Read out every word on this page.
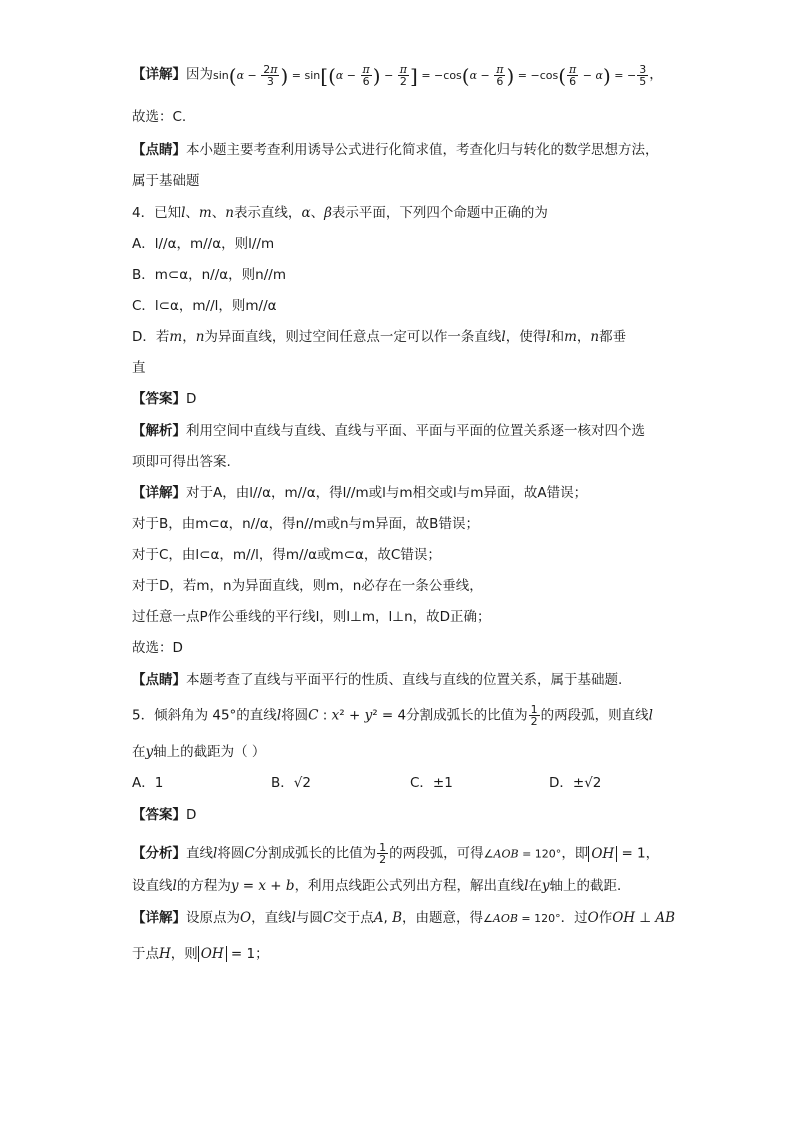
【详解】因为$\sin(\alpha - \frac{2\pi}{3}$ ) = $\sin[(\alpha - \frac{\pi}{6}$ ) − $\frac{\pi}{2}$ ] = $-\cos(\alpha - \frac{\pi}{6}$ ) = $-\cos( \frac{\pi}{6} - \alpha)$ = − $\frac{3}{5}$ ，
故选：C.
【点睛】本小题主要考查利用诱导公式进行化简求值，考查化归与转化的数学思想方法，
属于基础题
4．已知l、m、n表示直线，α、β表示平面，下列四个命题中正确的为
A．l//α，m//α，则l//m
B．m⊂α，n//α，则n//m
C．l⊂α，m//l，则m//α
D．若m，n为异面直线，则过空间任意点一定可以作一条直线l，使得l和m，n都垂
直
【答案】D
【解析】利用空间中直线与直线、直线与平面、平面与平面的位置关系逐一核对四个选
项即可得出答案.
【详解】对于A，由l//α，m//α，得l//m或l与m相交或l与m异面，故A错误；
对于B，由m⊂α，n//α，得n//m或n与m异面，故B错误；
对于C，由l⊂α，m//l，得m//α或m⊂α，故C错误；
对于D，若m，n为异面直线，则m，n必存在一条公垂线，
过任意一点P作公垂线的平行线l，则l⊥m，l⊥n，故D正确；
故选：D
【点睛】本题考查了直线与平面平行的性质、直线与直线的位置关系，属于基础题.
5．倾斜角为 45°的直线l将圆C : x² + y² = 4分割成弧长的比值为 $\frac{1}{2}$ 的两段弧，则直线l
在y轴上的截距为（ ）
A．1	B．√2	C．±1	D．±√2
【答案】D
【分析】直线l将圆C分割成弧长的比值为 $\frac{1}{2}$ 的两段弧，可得∠AOB = 120°，即 OH = 1，
设直线l的方程为y = x + b，利用点线距公式列出方程，解出直线l在y轴上的截距．
【详解】设原点为O，直线l与圆C交于点A, B，由题意，得∠AOB = 120°．过O作OH ⊥ AB
于点H，则 OH = 1；
